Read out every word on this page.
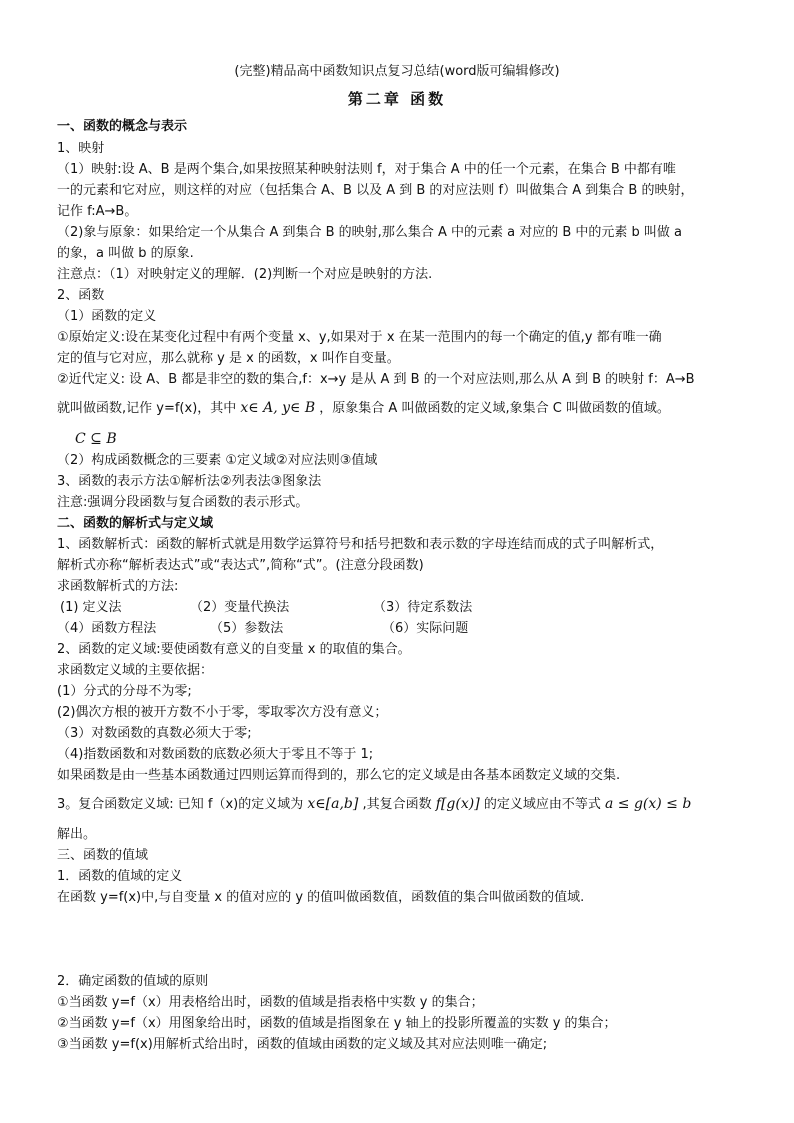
(完整)精品高中函数知识点复习总结(word版可编辑修改)
第二章 函数
一、函数的概念与表示
1、映射
（1）映射:设 A、B 是两个集合,如果按照某种映射法则 f，对于集合 A 中的任一个元素，在集合 B 中都有唯
一的元素和它对应，则这样的对应（包括集合 A、B 以及 A 到 B 的对应法则 f）叫做集合 A 到集合 B 的映射，
记作 f:A→B。
（2)象与原象：如果给定一个从集合 A 到集合 B 的映射,那么集合 A 中的元素 a 对应的 B 中的元素 b 叫做 a
的象，a 叫做 b 的原象.
注意点：（1）对映射定义的理解．(2)判断一个对应是映射的方法.
2、函数
（1）函数的定义
①原始定义:设在某变化过程中有两个变量 x、y,如果对于 x 在某一范围内的每一个确定的值,y 都有唯一确
定的值与它对应，那么就称 y 是 x 的函数，x 叫作自变量。
②近代定义: 设 A、B 都是非空的数的集合,f：x→y 是从 A 到 B 的一个对应法则,那么从 A 到 B 的映射 f：A→B
就叫做函数,记作 y=f(x)，其中 x∈ A, y∈ B ，原象集合 A 叫做函数的定义域,象集合 C 叫做函数的值域。
C ⊆ B
（2）构成函数概念的三要素 ①定义域②对应法则③值域
3、函数的表示方法①解析法②列表法③图象法
注意:强调分段函数与复合函数的表示形式。
二、函数的解析式与定义域
1、函数解析式：函数的解析式就是用数学运算符号和括号把数和表示数的字母连结而成的式子叫解析式，
解析式亦称“解析表达式”或“表达式”,简称“式”。(注意分段函数)
求函数解析式的方法:
(1) 定义法	（2）变量代换法	（3）待定系数法
（4）函数方程法	（5）参数法	（6）实际问题
2、函数的定义域:要使函数有意义的自变量 x 的取值的集合。
求函数定义域的主要依据：
(1）分式的分母不为零;
(2)偶次方根的被开方数不小于零，零取零次方没有意义；
（3）对数函数的真数必须大于零;
（4)指数函数和对数函数的底数必须大于零且不等于 1;
如果函数是由一些基本函数通过四则运算而得到的，那么它的定义域是由各基本函数定义域的交集.
3。复合函数定义域: 已知 f（x)的定义域为 x∈[a,b] ,其复合函数 f[g(x)] 的定义域应由不等式 a ≤ g(x) ≤ b
解出。
三、函数的值域
1．函数的值域的定义
在函数 y=f(x)中,与自变量 x 的值对应的 y 的值叫做函数值，函数值的集合叫做函数的值域.
2．确定函数的值域的原则
①当函数 y=f（x）用表格给出时，函数的值域是指表格中实数 y 的集合；
②当函数 y=f（x）用图象给出时，函数的值域是指图象在 y 轴上的投影所覆盖的实数 y 的集合；
③当函数 y=f(x)用解析式给出时，函数的值域由函数的定义域及其对应法则唯一确定;
